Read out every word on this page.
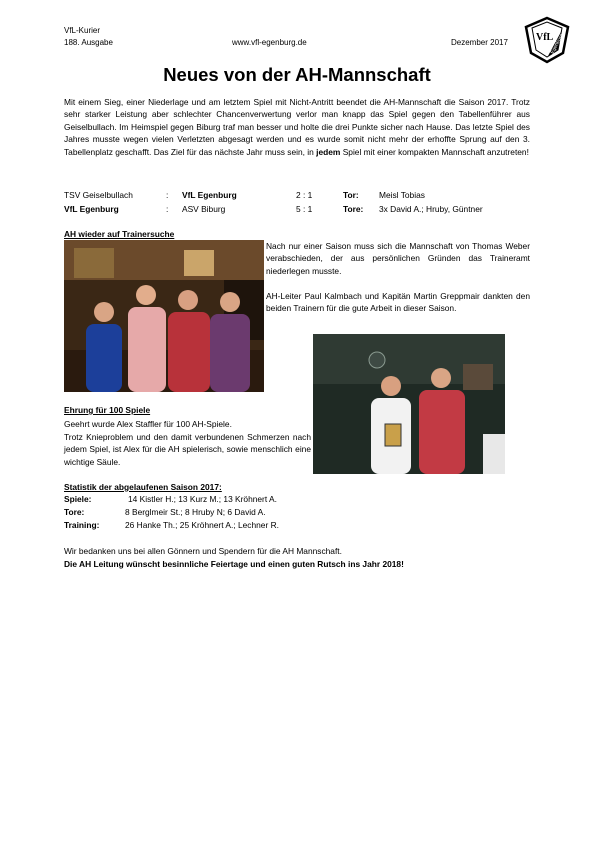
VfL-Kurier
188. Ausgabe	www.vfl-egenburg.de	Dezember 2017	VfL
Egenburg
Neues von der AH-Mannschaft
Mit einem Sieg, einer Niederlage und am letztem Spiel mit Nicht-Antritt beendet die AH-Mannschaft die Saison 2017. Trotz sehr starker Leistung aber schlechter Chancenverwertung verlor man knapp das Spiel gegen den Tabellenführer aus Geiselbullach. Im Heimspiel gegen Biburg traf man besser und holte die drei Punkte sicher nach Hause. Das letzte Spiel des Jahres musste wegen vielen Verletzten abgesagt werden und es wurde somit nicht mehr der erhoffte Sprung auf den 3. Tabellenplatz geschafft. Das Ziel für das nächste Jahr muss sein, in jedem Spiel mit einer kompakten Mannschaft anzutreten!
TSV Geiselbullach	: VfL Egenburg	2 : 1	Tor: Meisl Tobias
VfL Egenburg	: ASV Biburg	5 : 1	Tore: 3x David A.; Hruby, Güntner
AH wieder auf Trainersuche
Nach nur einer Saison muss sich die Mannschaft von Thomas Weber verabschieden, der aus persönlichen Gründen das Traineramt niederlegen musste.
AH-Leiter Paul Kalmbach und Kapitän Martin Greppmair dankten den beiden Trainern für die gute Arbeit in dieser Saison.
Ehrung für 100 Spiele
Geehrt wurde Alex Staffler für 100 AH-Spiele.
Trotz Knieproblem und den damit verbundenen Schmerzen nach jedem Spiel, ist Alex für die AH spielerisch, sowie menschlich eine wichtige Säule.
Statistik der abgelaufenen Saison 2017:
Spiele:	14 Kistler H.; 13 Kurz M.; 13 Kröhnert A.
Tore:	8 Berglmeir St.; 8 Hruby N; 6 David A.
Training:	26 Hanke Th.; 25 Kröhnert A.; Lechner R.
Wir bedanken uns bei allen Gönnern und Spendern für die AH Mannschaft.
Die AH Leitung wünscht besinnliche Feiertage und einen guten Rutsch ins Jahr 2018!
